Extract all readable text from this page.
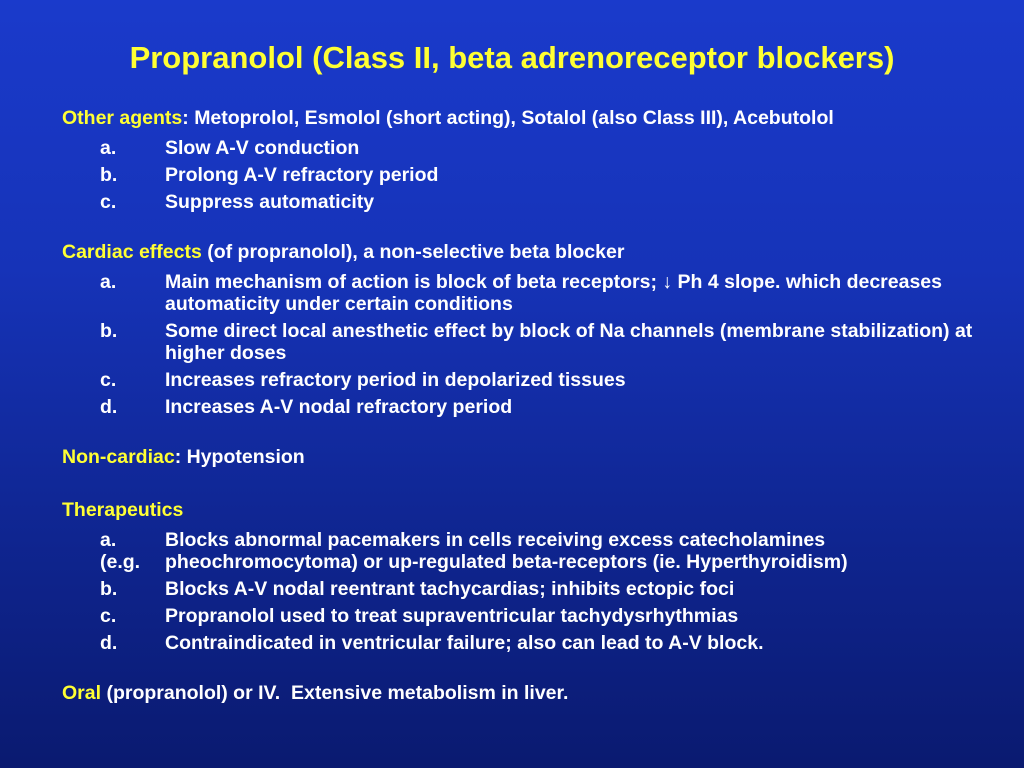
Propranolol (Class II, beta adrenoreceptor blockers)
Other agents: Metoprolol, Esmolol (short acting), Sotalol (also Class III), Acebutolol
a. Slow A-V conduction
b. Prolong A-V refractory period
c. Suppress automaticity
Cardiac effects (of propranolol), a non-selective beta blocker
a. Main mechanism of action is block of beta receptors; ↓ Ph 4 slope. which decreases automaticity under certain conditions
b. Some direct local anesthetic effect by block of Na channels (membrane stabilization) at higher doses
c. Increases refractory period in depolarized tissues
d. Increases A-V nodal refractory period
Non-cardiac: Hypotension
Therapeutics
a.
(e.g.
Blocks abnormal pacemakers in cells receiving excess catecholamines pheochromocytoma) or up-regulated beta-receptors (ie. Hyperthyroidism)
b. Blocks A-V nodal reentrant tachycardias; inhibits ectopic foci
c. Propranolol used to treat supraventricular tachydysrhythmias
d. Contraindicated in ventricular failure; also can lead to A-V block.
Oral (propranolol) or IV.  Extensive metabolism in liver.
